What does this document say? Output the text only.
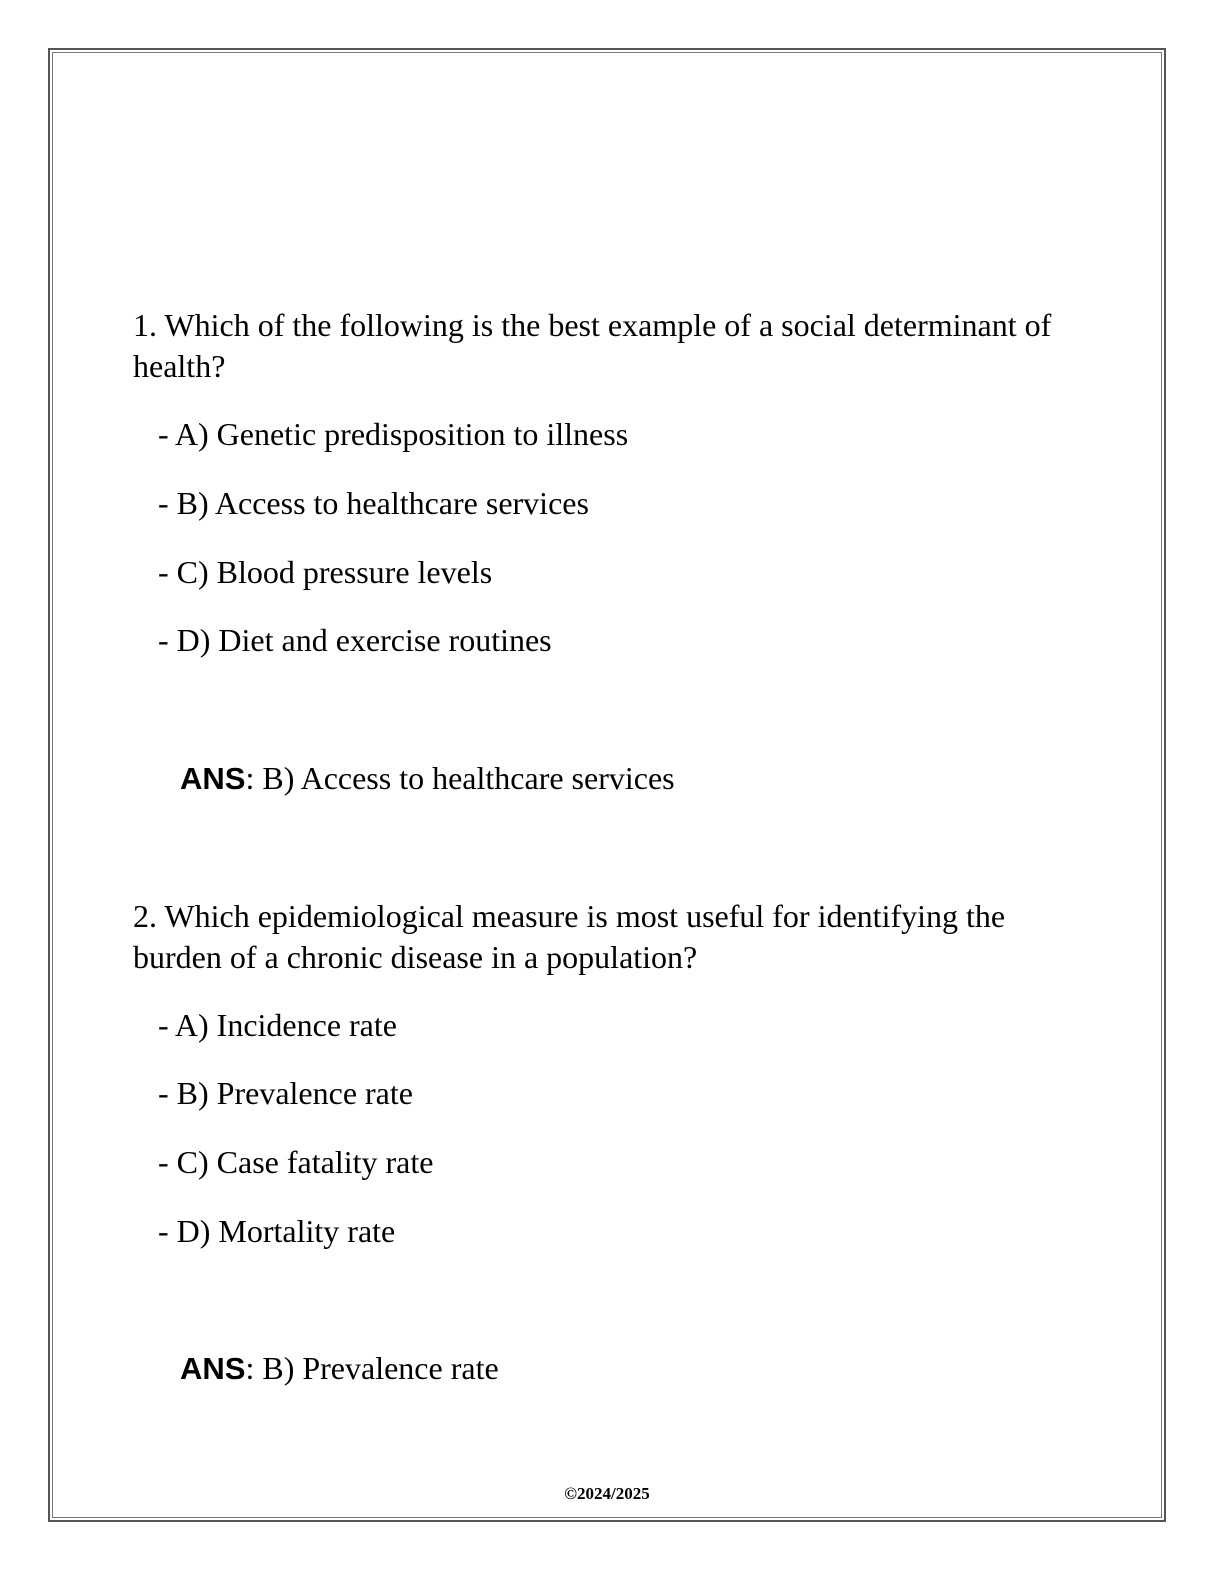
1. Which of the following is the best example of a social determinant of health?
- A) Genetic predisposition to illness
- B) Access to healthcare services
- C) Blood pressure levels
- D) Diet and exercise routines
ANS: B) Access to healthcare services
2. Which epidemiological measure is most useful for identifying the burden of a chronic disease in a population?
- A) Incidence rate
- B) Prevalence rate
- C) Case fatality rate
- D) Mortality rate
ANS: B) Prevalence rate
©2024/2025
